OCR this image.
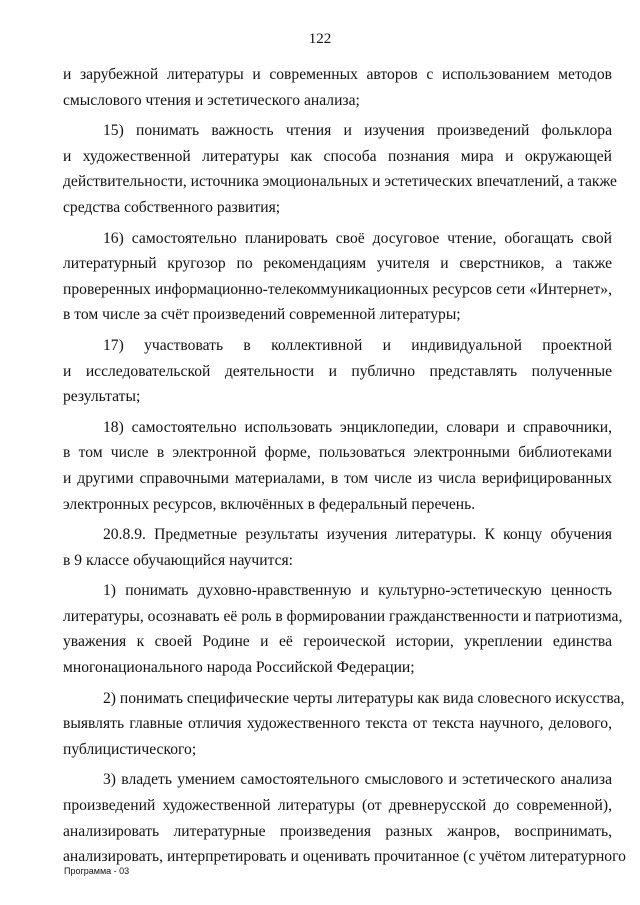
122
и зарубежной литературы и современных авторов с использованием методов
смыслового чтения и эстетического анализа;
15) понимать важность чтения и изучения произведений фольклора
и художественной литературы как способа познания мира и окружающей
действительности, источника эмоциональных и эстетических впечатлений, а также
средства собственного развития;
16) самостоятельно планировать своё досуговое чтение, обогащать свой
литературный кругозор по рекомендациям учителя и сверстников, а также
проверенных информационно-телекоммуникационных ресурсов сети «Интернет»,
в том числе за счёт произведений современной литературы;
17) участвовать в коллективной и индивидуальной проектной
и исследовательской деятельности и публично представлять полученные
результаты;
18) самостоятельно использовать энциклопедии, словари и справочники,
в том числе в электронной форме, пользоваться электронными библиотеками
и другими справочными материалами, в том числе из числа верифицированных
электронных ресурсов, включённых в федеральный перечень.
20.8.9. Предметные результаты изучения литературы. К концу обучения
в 9 классе обучающийся научится:
1) понимать духовно-нравственную и культурно-эстетическую ценность
литературы, осознавать её роль в формировании гражданственности и патриотизма,
уважения к своей Родине и её героической истории, укреплении единства
многонационального народа Российской Федерации;
2) понимать специфические черты литературы как вида словесного искусства,
выявлять главные отличия художественного текста от текста научного, делового,
публицистического;
3) владеть умением самостоятельного смыслового и эстетического анализа
произведений художественной литературы (от древнерусской до современной),
анализировать литературные произведения разных жанров, воспринимать,
анализировать, интерпретировать и оценивать прочитанное (с учётом литературного
Программа - 03
